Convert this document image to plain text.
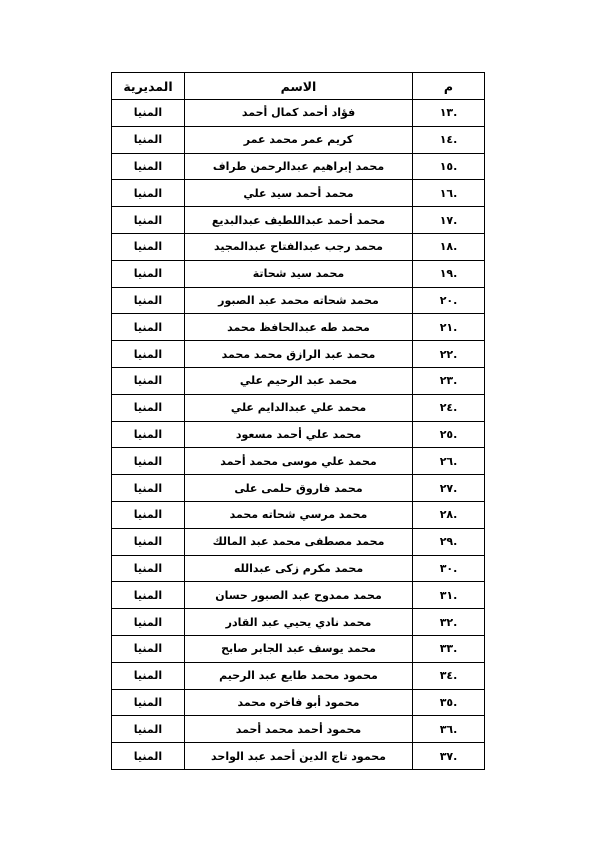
م	الاسم	المديرية
.١٣	فؤاد أحمد كمال أحمد	المنيا
.١٤	كريم عمر محمد عمر	المنيا
.١٥	محمد إبراهيم عبدالرحمن طراف	المنيا
.١٦	محمد أحمد سيد علي	المنيا
.١٧	محمد أحمد عبداللطيف عبدالبديع	المنيا
.١٨	محمد رجب عبدالفتاح عبدالمجيد	المنيا
.١٩	محمد سيد شحاتة	المنيا
.٢٠	محمد شحاته محمد عبد الصبور	المنيا
.٢١	محمد طه عبدالحافظ محمد	المنيا
.٢٢	محمد عبد الرازق محمد محمد	المنيا
.٢٣	محمد عبد الرحيم علي	المنيا
.٢٤	محمد علي عبدالدايم علي	المنيا
.٢٥	محمد علي أحمد مسعود	المنيا
.٢٦	محمد علي موسى محمد أحمد	المنيا
.٢٧	محمد فاروق حلمى على	المنيا
.٢٨	محمد مرسي شحاته محمد	المنيا
.٢٩	محمد مصطفى محمد عبد المالك	المنيا
.٣٠	محمد مكرم زكى عبدالله	المنيا
.٣١	محمد ممدوح عبد الصبور حسان	المنيا
.٣٢	محمد نادي يحيي عبد القادر	المنيا
.٣٣	محمد يوسف عبد الجابر صابح	المنيا
.٣٤	محمود محمد طايع عبد الرحيم	المنيا
.٣٥	محمود أبو فاخره محمد	المنيا
.٣٦	محمود أحمد محمد أحمد	المنيا
.٣٧	محمود تاج الدين أحمد عبد الواحد	المنيا
